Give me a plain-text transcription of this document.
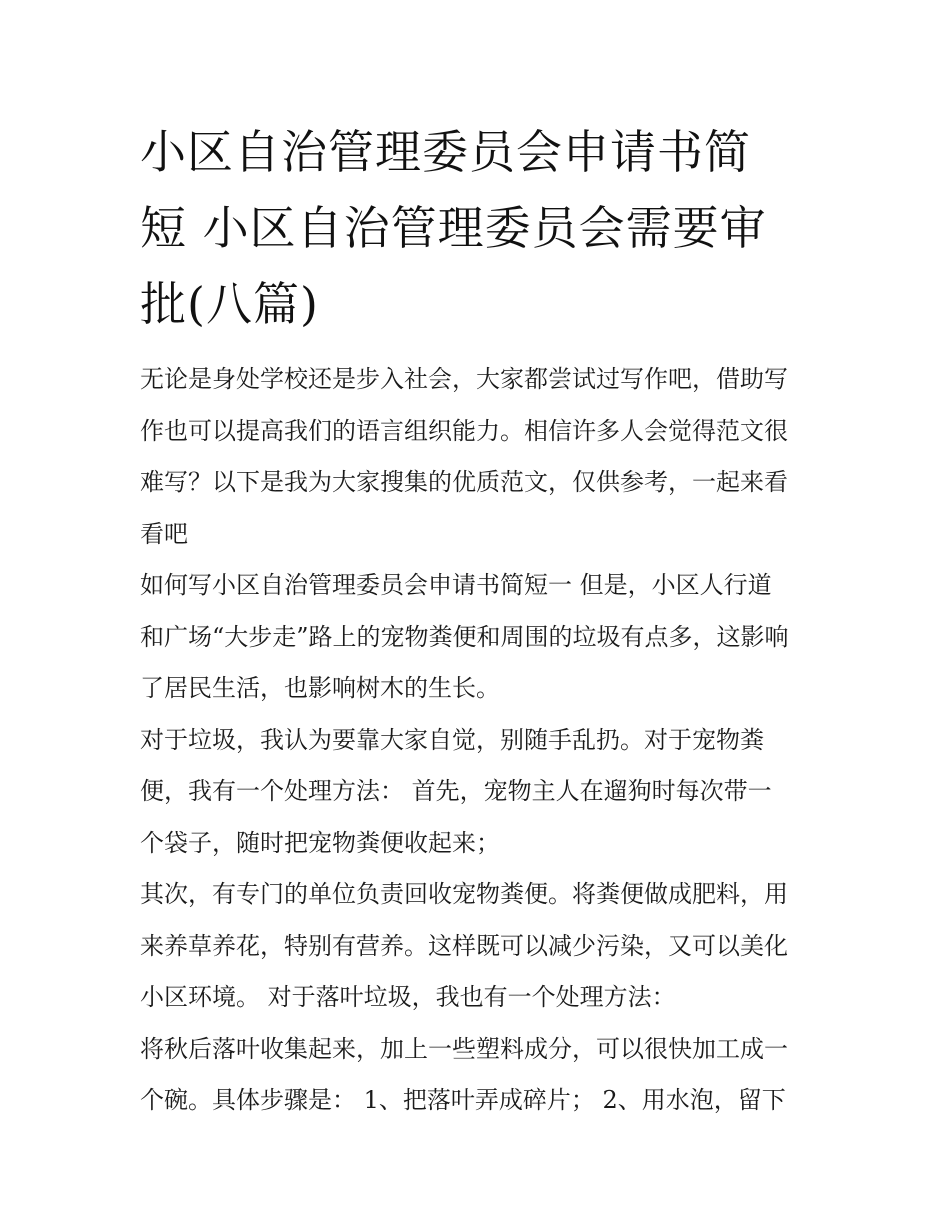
小区自治管理委员会申请书简
短 小区自治管理委员会需要审
批(八篇)

无论是身处学校还是步入社会，大家都尝试过写作吧，借助写
作也可以提高我们的语言组织能力。相信许多人会觉得范文很
难写？以下是我为大家搜集的优质范文，仅供参考，一起来看
看吧

如何写小区自治管理委员会申请书简短一 但是，小区人行道
和广场“大步走”路上的宠物粪便和周围的垃圾有点多，这影响
了居民生活，也影响树木的生长。

对于垃圾，我认为要靠大家自觉，别随手乱扔。对于宠物粪
便，我有一个处理方法： 首先，宠物主人在遛狗时每次带一
个袋子，随时把宠物粪便收起来；

其次，有专门的单位负责回收宠物粪便。将粪便做成肥料，用
来养草养花，特别有营养。这样既可以减少污染，又可以美化
小区环境。 对于落叶垃圾，我也有一个处理方法：

将秋后落叶收集起来，加上一些塑料成分，可以很快加工成一
个碗。具体步骤是： 1、把落叶弄成碎片； 2、用水泡，留下
